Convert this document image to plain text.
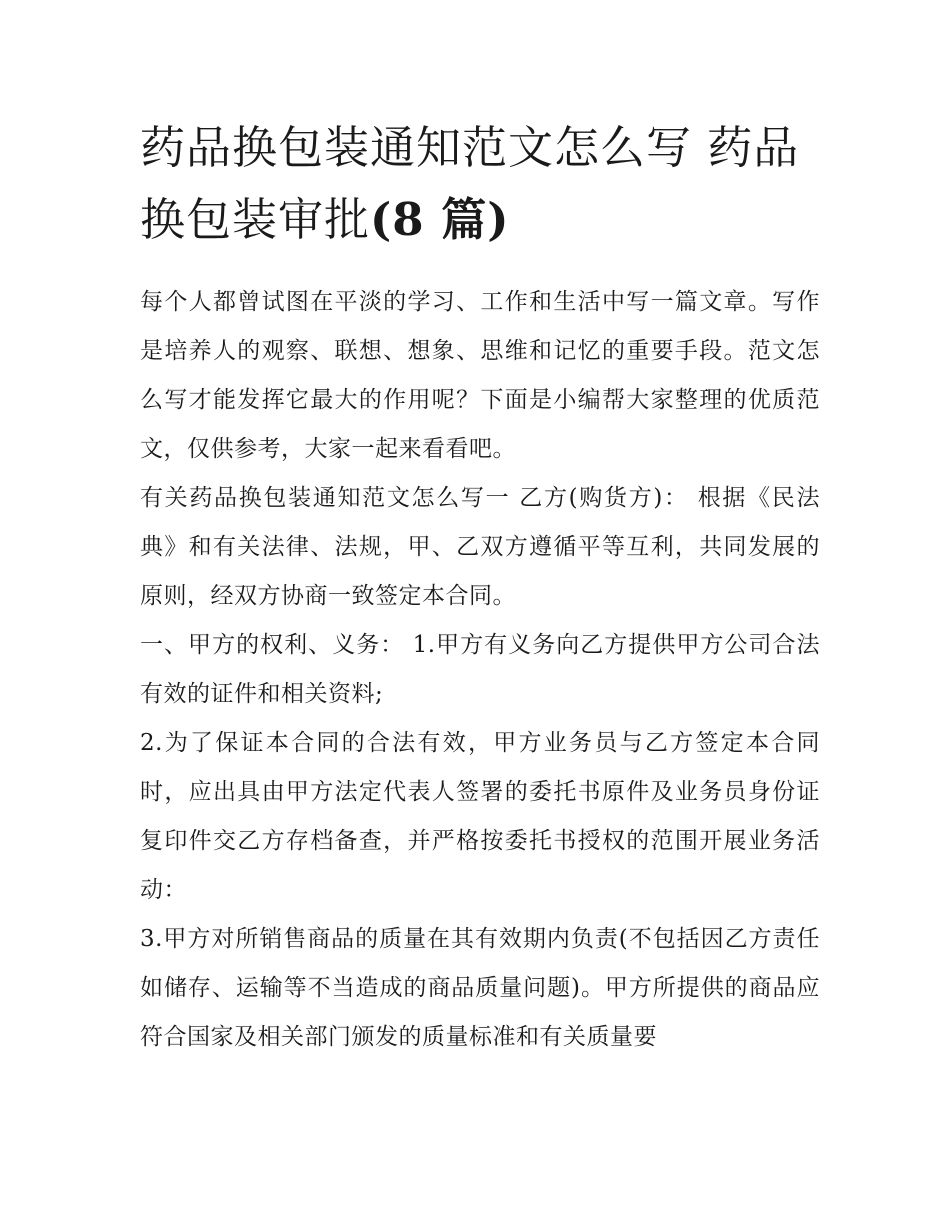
药品换包装通知范文怎么写 药品换包装审批(8 篇)

每个人都曾试图在平淡的学习、工作和生活中写一篇文章。写作是培养人的观察、联想、想象、思维和记忆的重要手段。范文怎么写才能发挥它最大的作用呢？下面是小编帮大家整理的优质范文，仅供参考，大家一起来看看吧。

有关药品换包装通知范文怎么写一 乙方(购货方)： 根据《民法典》和有关法律、法规，甲、乙双方遵循平等互利，共同发展的原则，经双方协商一致签定本合同。

一、甲方的权利、义务： 1.甲方有义务向乙方提供甲方公司合法有效的证件和相关资料;

2.为了保证本合同的合法有效，甲方业务员与乙方签定本合同时，应出具由甲方法定代表人签署的委托书原件及业务员身份证复印件交乙方存档备查，并严格按委托书授权的范围开展业务活动：

3.甲方对所销售商品的质量在其有效期内负责(不包括因乙方责任如储存、运输等不当造成的商品质量问题)。甲方所提供的商品应符合国家及相关部门颁发的质量标准和有关质量要
